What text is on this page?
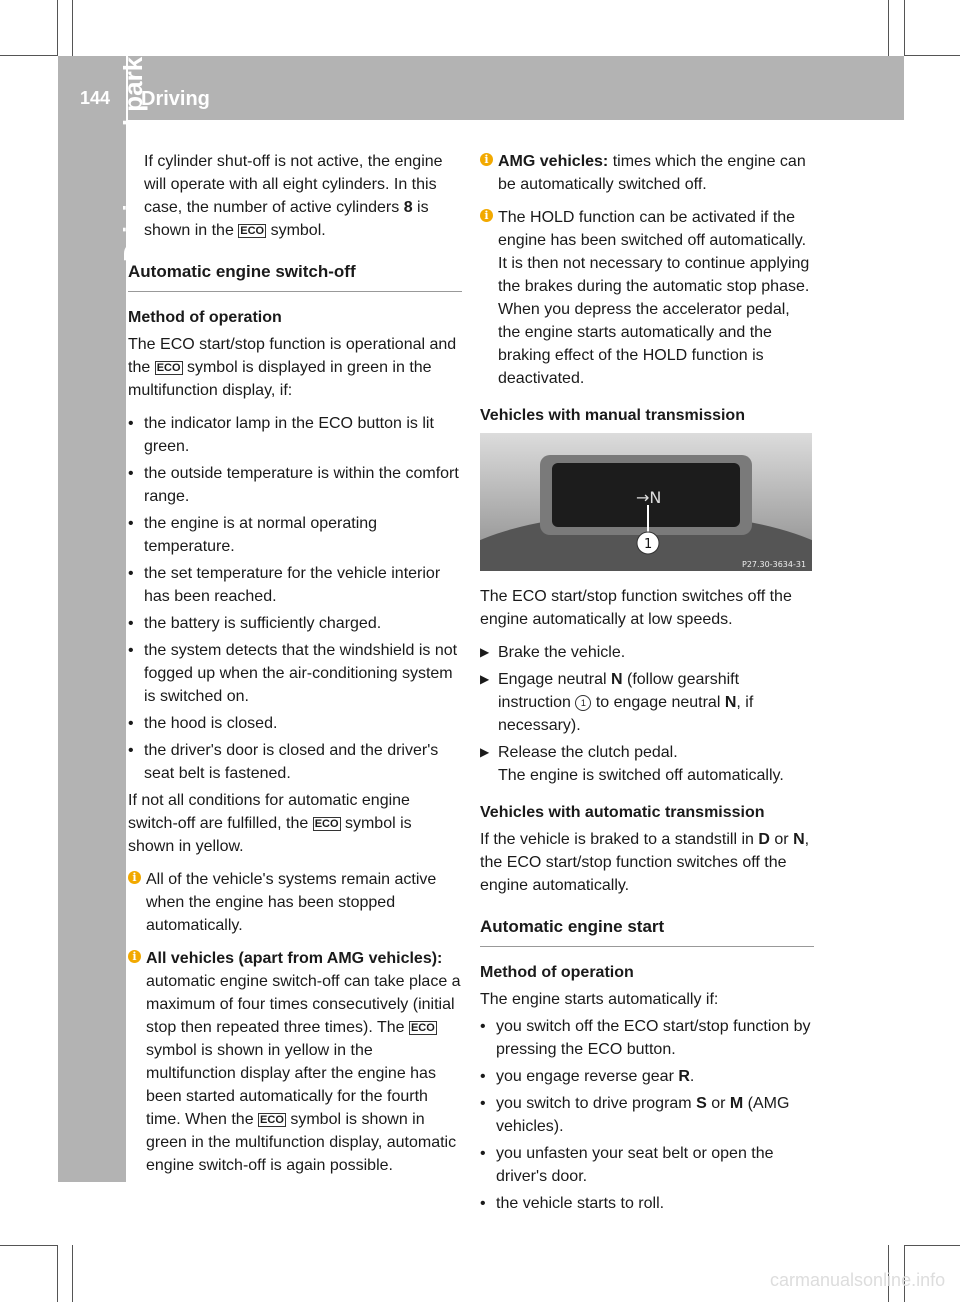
144 Driving
Driving and parking

If cylinder shut-off is not active, the engine will operate with all eight cylinders. In this case, the number of active cylinders 8 is shown in the ECO symbol.

Automatic engine switch-off

Method of operation

The ECO start/stop function is operational and the ECO symbol is displayed in green in the multifunction display, if:

• the indicator lamp in the ECO button is lit green.

• the outside temperature is within the comfort range.

• the engine is at normal operating temperature.

• the set temperature for the vehicle interior has been reached.

• the battery is sufficiently charged.

• the system detects that the windshield is not fogged up when the air-conditioning system is switched on.

• the hood is closed.

• the driver's door is closed and the driver's seat belt is fastened.

If not all conditions for automatic engine switch-off are fulfilled, the ECO symbol is shown in yellow.

i All of the vehicle's systems remain active when the engine has been stopped automatically.

i All vehicles (apart from AMG vehicles): automatic engine switch-off can take place a maximum of four times consecutively (initial stop then repeated three times). The ECO symbol is shown in yellow in the multifunction display after the engine has been started automatically for the fourth time. When the ECO symbol is shown in green in the multifunction display, automatic engine switch-off is again possible.

i AMG vehicles: times which the engine can be automatically switched off.

i The HOLD function can be activated if the engine has been switched off automatically. It is then not necessary to continue applying the brakes during the automatic stop phase. When you depress the accelerator pedal, the engine starts automatically and the braking effect of the HOLD function is deactivated.

Vehicles with manual transmission

→N
1
P27.30-3634-31

The ECO start/stop function switches off the engine automatically at low speeds.

▶ Brake the vehicle.

▶ Engage neutral N (follow gearshift instruction 1 to engage neutral N, if necessary).

▶ Release the clutch pedal.
The engine is switched off automatically.

Vehicles with automatic transmission

If the vehicle is braked to a standstill in D or N, the ECO start/stop function switches off the engine automatically.

Automatic engine start

Method of operation

The engine starts automatically if:

• you switch off the ECO start/stop function by pressing the ECO button.

• you engage reverse gear R.

• you switch to drive program S or M (AMG vehicles).

• you unfasten your seat belt or open the driver's door.

• the vehicle starts to roll.

carmanualsonline.info
